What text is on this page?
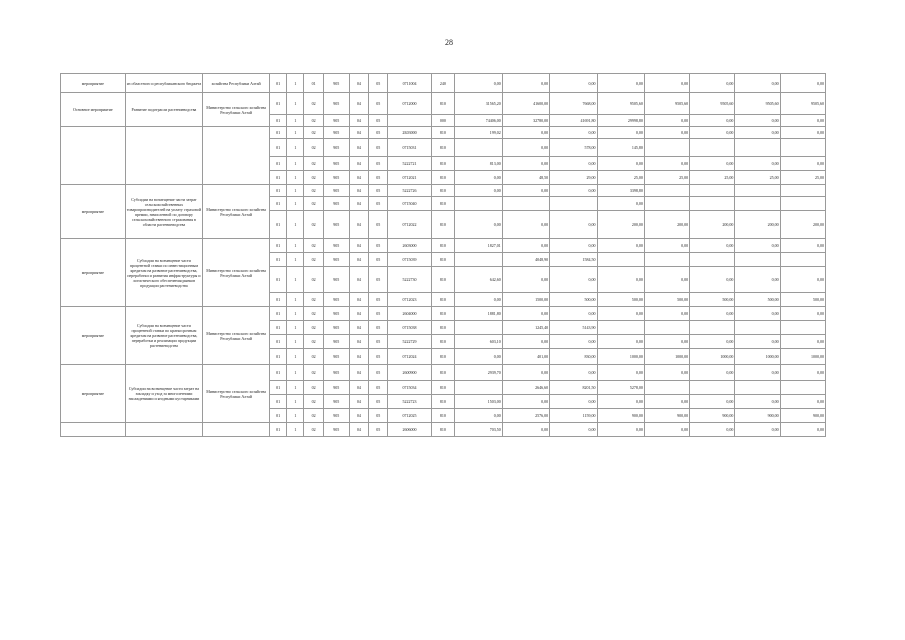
28
мероприятие	из областного и республиканского бюджета	хозяйства Республики Алтай	01	1	01	905	04	05	0711004	240	0,00	0,00	0,00	0,00	0,00	0,00	0,00	0,00
Основное мероприятие	Развитие подотрасли растениеводства	Министерство сельского хозяйства Республики Алтай	01	1	02	905	04	05	0712000	810	31565,20	41600,00	7668,00	9505,60	9505,60	9505,60	9505,60	9505,60
			01	1	02	905	04	05		000	74406,00	32780,00	41691,80	29998,80	0,00	0,00	0,00	0,00
			01	1	02	905	04	05	2Б03000	810	199,02	0,00	0,00	0,00	0,00	0,00	0,00	0,00
			01	1	02	905	04	05	0715031	810		0,00	578,00	145,80				
			01	1	02	905	04	05	5222721	810	813,00	0,00	0,00	0,00	0,00	0,00	0,00	0,00
			01	1	02	905	04	05	0712021	810	0,00	48,50	29,00	25,00	25,00	25,00	25,00	25,00
мероприятие	Субсидии на возмещение части затрат сельскохозяйственных товаропроизводителей на уплату страховой премии, начисленной по договору сельскохозяйственного страхования в области растениеводства	Министерство сельского хозяйства Республики Алтай	01	1	02	905	04	05	5222726	810	0,00	0,00	0,00	3398,80				
			01	1	02	905	04	05	0715040	810				0,00				
			01	1	02	905	04	05	0712022	810	0,00	0,00	0,00	200,00	200,00	200,00	200,00	200,00
мероприятие	Субсидии на возмещение части процентной ставки по инвестиционным кредитам на развитие растениеводства, переработки и развития инфраструктуры и логистического обеспечения рынков продукции растениеводства	Министерство сельского хозяйства Республики Алтай	01	1	02	905	04	05	2603000	810	1827,01	0,00	0,00	0,00	0,00	0,00	0,00	0,00
			01	1	02	905	04	05	0715039	810		4048,90	1584,50					
			01	1	02	905	04	05	5222730	810	642,60	0,00	0,00	0,00	0,00	0,00	0,00	0,00
			01	1	02	905	04	05	0712023	810	0,00	1500,00	500,00	500,00	500,00	500,00	500,00	500,00
мероприятие	Субсидии на возмещение части процентной ставки по краткосрочным кредитам на развитие растениеводства, переработки и реализации продукции растениеводства	Министерство сельского хозяйства Республики Алтай	01	1	02	905	04	05	2604000	810	1881,80	0,00	0,00	0,00	0,00	0,00	0,00	0,00
			01	1	02	905	04	05	0715038	810		1245,40	5143,90					
			01	1	02	905	04	05	5222729	810	603,10	0,00	0,00	0,00	0,00	0,00	0,00	0,00
			01	1	02	905	04	05	0712024	810	0,00	401,00	830,00	1000,00	1000,00	1000,00	1000,00	1000,00
мероприятие	Субсидии на возмещение части затрат на закладку и уход за многолетними насаждениями и ягодными кустарниками	Министерство сельского хозяйства Республики Алтай	01	1	02	905	04	05	2600900	810	2939,70	0,00	0,00	0,00	0,00	0,00	0,00	0,00
			01	1	02	905	04	05	0715034	810		2646,60	8201,50	5278,00				
			01	1	02	905	04	05	5222723	810	1503,00	0,00	0,00	0,00	0,00	0,00	0,00	0,00
			01	1	02	905	04	05	0712025	810	0,00	2576,00	1159,00	900,00	900,00	900,00	900,00	900,00
			01	1	02	905	04	05	2606000	810	703,50	0,00	0,00	0,00	0,00	0,00	0,00	0,00
